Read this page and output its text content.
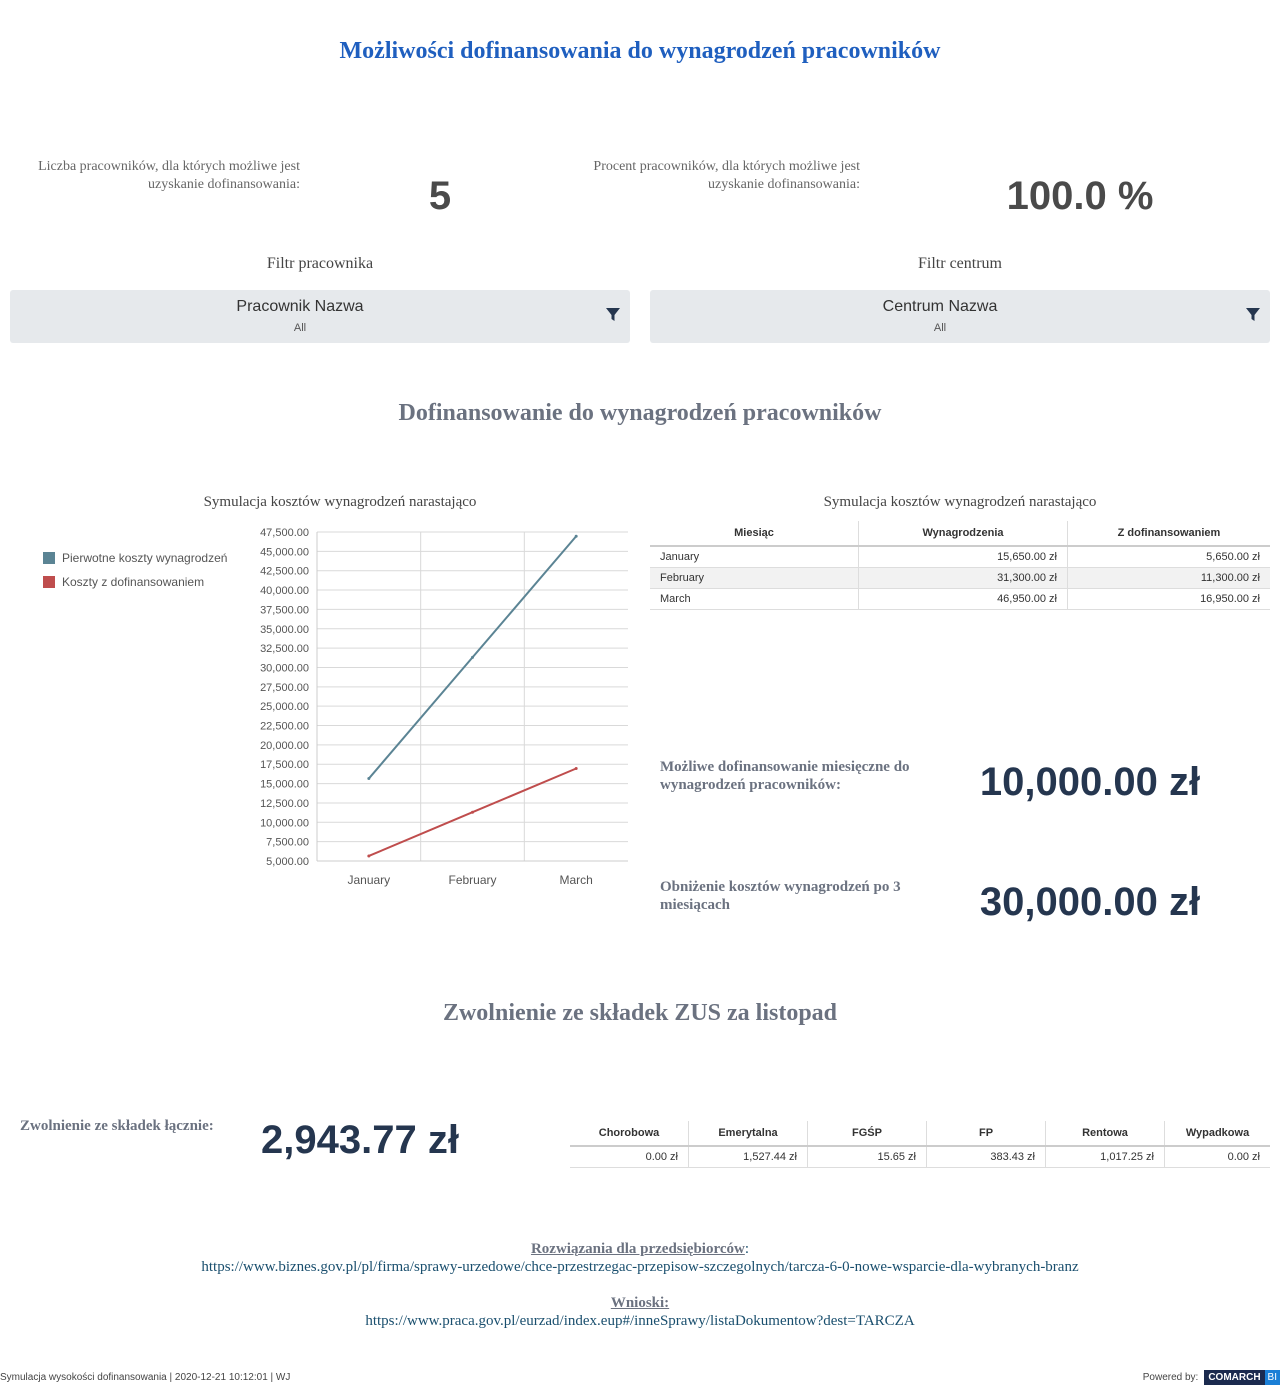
Możliwości dofinansowania do wynagrodzeń pracowników
Liczba pracowników, dla których możliwe jest uzyskanie dofinansowania:	5
Procent pracowników, dla których możliwe jest uzyskanie dofinansowania:	100.0 %
Filtr pracownika
Pracownik Nazwa
All
Filtr centrum
Centrum Nazwa
All
Dofinansowanie do wynagrodzeń pracowników
Symulacja kosztów wynagrodzeń narastająco
Pierwotne koszty wynagrodzeń
Koszty z dofinansowaniem
5,000.00
7,500.00
10,000.00
12,500.00
15,000.00
17,500.00
20,000.00
22,500.00
25,000.00
27,500.00
30,000.00
32,500.00
35,000.00
37,500.00
40,000.00
42,500.00
45,000.00
47,500.00
January	February	March
Symulacja kosztów wynagrodzeń narastająco
Miesiąc	Wynagrodzenia	Z dofinansowaniem
January	15,650.00 zł	5,650.00 zł
February	31,300.00 zł	11,300.00 zł
March	46,950.00 zł	16,950.00 zł
Możliwe dofinansowanie miesięczne do wynagrodzeń pracowników:	10,000.00 zł
Obniżenie kosztów wynagrodzeń po 3 miesiącach	30,000.00 zł
Zwolnienie ze składek ZUS za listopad
Zwolnienie ze składek łącznie:	2,943.77 zł	Chorobowa	Emerytalna	FGŚP	FP	Rentowa	Wypadkowa
0.00 zł	1,527.44 zł	15.65 zł	383.43 zł	1,017.25 zł	0.00 zł
Rozwiązania dla przedsiębiorców:
https://www.biznes.gov.pl/pl/firma/sprawy-urzedowe/chce-przestrzegac-przepisow-szczegolnych/tarcza-6-0-nowe-wsparcie-dla-wybranych-branz
Wnioski:
https://www.praca.gov.pl/eurzad/index.eup#/inneSprawy/listaDokumentow?dest=TARCZA
Symulacja wysokości dofinansowania | 2020-12-21 10:12:01 | WJ	Powered by:	COMARCH BI
